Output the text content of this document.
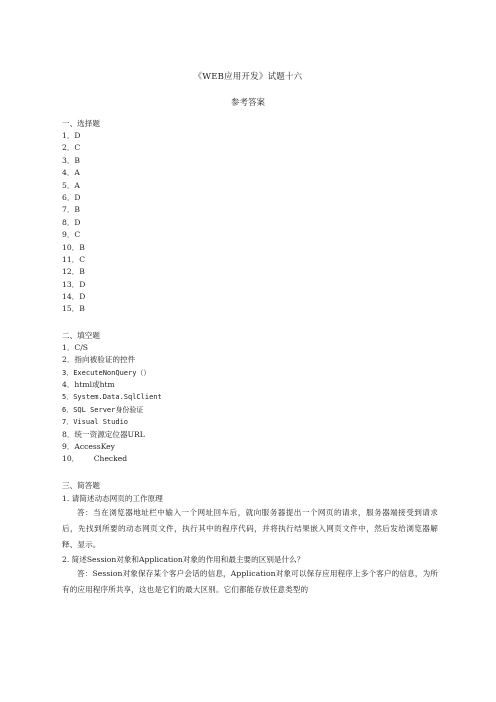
《WEB应用开发》试题十六
参考答案
一、选择题
1．D
2．C
3．B
4．A
5．A
6．D
7．B
8．D
9．C
10．B
11．C
12．B
13．D
14．D
15．B
二、填空题
1．C/S
2．指向被验证的控件
3．ExecuteNonQuery（）
4．html或htm
5．System.Data.SqlClient
6．SQL Server身份验证
7．Visual Studio
8．统一资源定位器URL
9．AccessKey
10．      Checked
三、简答题
1. 请简述动态网页的工作原理
答：当在浏览器地址栏中输入一个网址回车后，就向服务器提出一个网页的请求，服务器端接受到请求后，先找到所要的动态网页文件，执行其中的程序代码，并将执行结果嵌入网页文件中，然后发给浏览器解释、显示。
2. 简述Session对象和Application对象的作用和最主要的区别是什么？
答：Session对象保存某个客户会话的信息，Application对象可以保存应用程序上多个客户的信息，为所有的应用程序所共享，这也是它们的最大区别。它们都能存放任意类型的
